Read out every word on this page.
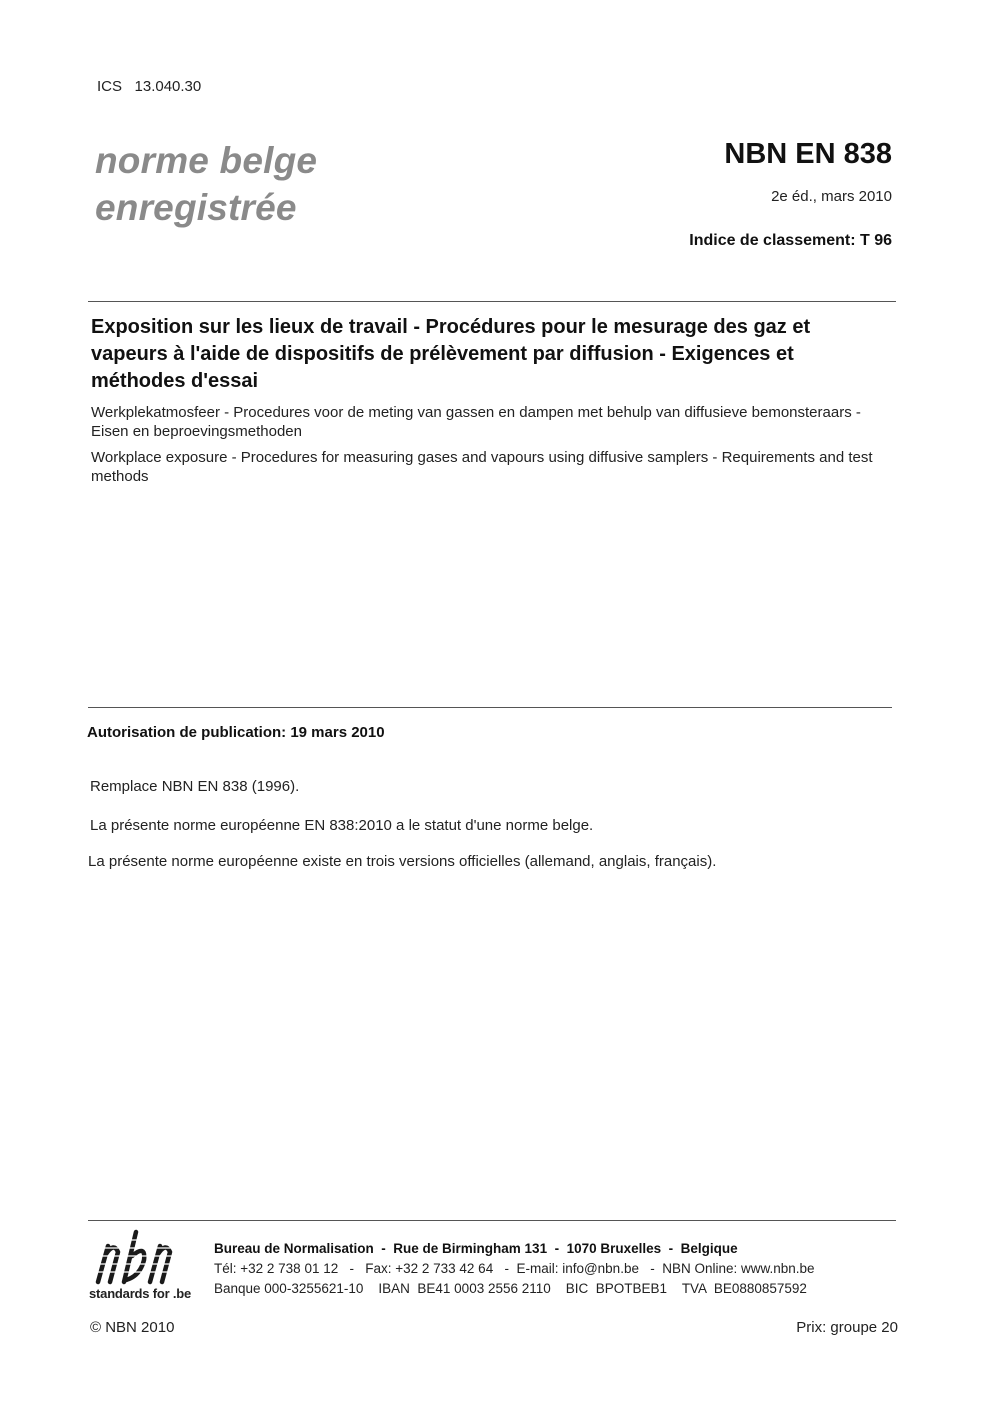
ICS   13.040.30
norme belge
enregistrée
NBN EN 838
2e éd., mars 2010
Indice de classement: T 96
Exposition sur les lieux de travail - Procédures pour le mesurage des gaz et vapeurs à l'aide de dispositifs de prélèvement par diffusion - Exigences et méthodes d'essai
Werkplekatmosfeer - Procedures voor de meting van gassen en dampen met behulp van diffusieve bemonsteraars - Eisen en beproevingsmethoden
Workplace exposure - Procedures for measuring gases and vapours using diffusive samplers - Requirements and test methods
Autorisation de publication: 19 mars 2010
Remplace NBN EN 838 (1996).
La présente norme européenne EN 838:2010 a le statut d'une norme belge.
La présente norme européenne existe en trois versions officielles (allemand, anglais, français).
nbn
standards for .be
Bureau de Normalisation  -  Rue de Birmingham 131  -  1070 Bruxelles  -  Belgique
Tél: +32 2 738 01 12   -   Fax: +32 2 733 42 64   -  E-mail: info@nbn.be   -  NBN Online: www.nbn.be
Banque 000-3255621-10    IBAN  BE41 0003 2556 2110    BIC  BPOTBEB1    TVA  BE0880857592
© NBN 2010	Prix: groupe 20
